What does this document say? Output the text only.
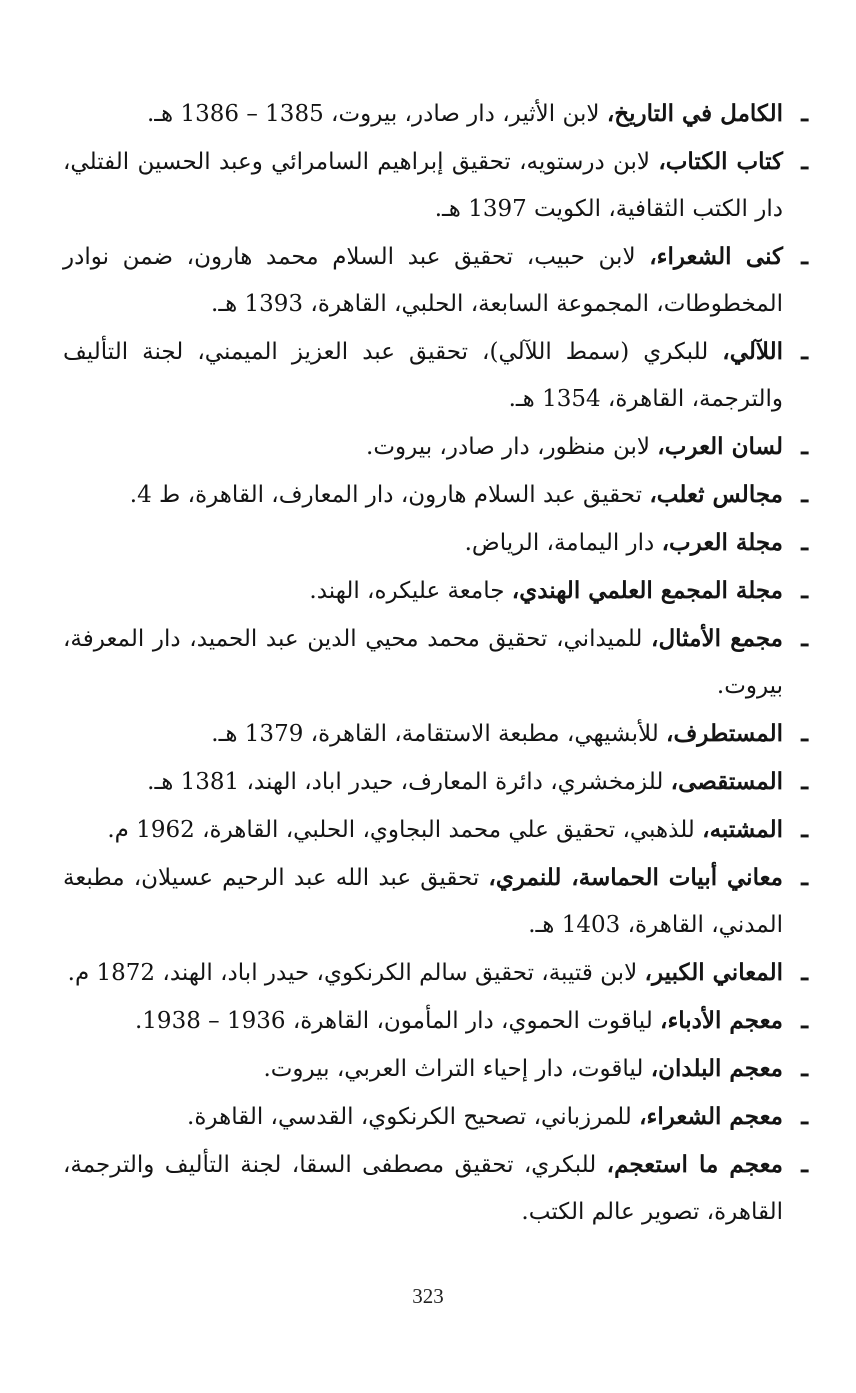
ـ
الكامل في التاريخ، لابن الأثير، دار صادر، بيروت، 1385 – 1386 هـ.
ـ
كتاب الكتاب، لابن درستويه، تحقيق إبراهيم السامرائي وعبد الحسين الفتلي، دار الكتب الثقافية، الكويت 1397 هـ.
ـ
كنى الشعراء، لابن حبيب، تحقيق عبد السلام محمد هارون، ضمن نوادر المخطوطات، المجموعة السابعة، الحلبي، القاهرة، 1393 هـ.
ـ
اللآلي، للبكري (سمط اللآلي)، تحقيق عبد العزيز الميمني، لجنة التأليف والترجمة، القاهرة، 1354 هـ.
ـ
لسان العرب، لابن منظور، دار صادر، بيروت.
ـ
مجالس ثعلب، تحقيق عبد السلام هارون، دار المعارف، القاهرة، ط 4.
ـ
مجلة العرب، دار اليمامة، الرياض.
ـ
مجلة المجمع العلمي الهندي، جامعة عليكره، الهند.
ـ
مجمع الأمثال، للميداني، تحقيق محمد محيي الدين عبد الحميد، دار المعرفة، بيروت.
ـ
المستطرف، للأبشيهي، مطبعة الاستقامة، القاهرة، 1379 هـ.
ـ
المستقصى، للزمخشري، دائرة المعارف، حيدر اباد، الهند، 1381 هـ.
ـ
المشتبه، للذهبي، تحقيق علي محمد البجاوي، الحلبي، القاهرة، 1962 م.
ـ
معاني أبيات الحماسة، للنمري، تحقيق عبد الله عبد الرحيم عسيلان، مطبعة المدني، القاهرة، 1403 هـ.
ـ
المعاني الكبير، لابن قتيبة، تحقيق سالم الكرنكوي، حيدر اباد، الهند، 1872 م.
ـ
معجم الأدباء، لياقوت الحموي، دار المأمون، القاهرة، 1936 – 1938.
ـ
معجم البلدان، لياقوت، دار إحياء التراث العربي، بيروت.
ـ
معجم الشعراء، للمرزباني، تصحيح الكرنكوي، القدسي، القاهرة.
ـ
معجم ما استعجم، للبكري، تحقيق مصطفى السقا، لجنة التأليف والترجمة، القاهرة، تصوير عالم الكتب.
323
